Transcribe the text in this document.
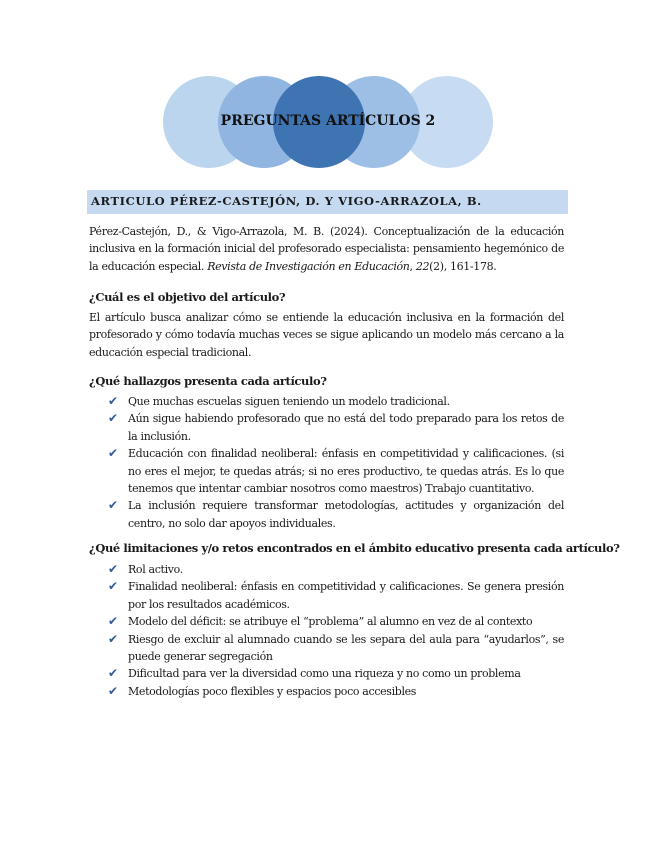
PREGUNTAS ARTÍCULOS 2
ARTICULO PÉREZ-CASTEJÓN, D. Y VIGO-ARRAZOLA, B.
Pérez-Castejón, D., & Vigo-Arrazola, M. B. (2024). Conceptualización de la educación inclusiva en la formación inicial del profesorado especialista: pensamiento hegemónico de la educación especial. Revista de Investigación en Educación, 22(2), 161-178.
¿Cuál es el objetivo del artículo?
El artículo busca analizar cómo se entiende la educación inclusiva en la formación del profesorado y cómo todavía muchas veces se sigue aplicando un modelo más cercano a la educación especial tradicional.
¿Qué hallazgos presenta cada artículo?
✔ Que muchas escuelas siguen teniendo un modelo tradicional.
✔ Aún sigue habiendo profesorado que no está del todo preparado para los retos de la inclusión.
✔ Educación con finalidad neoliberal: énfasis en competitividad y calificaciones. (si no eres el mejor, te quedas atrás; si no eres productivo, te quedas atrás. Es lo que tenemos que intentar cambiar nosotros como maestros) Trabajo cuantitativo.
✔ La inclusión requiere transformar metodologías, actitudes y organización del centro, no solo dar apoyos individuales.
¿Qué limitaciones y/o retos encontrados en el ámbito educativo presenta cada artículo?
✔ Rol activo.
✔ Finalidad neoliberal: énfasis en competitividad y calificaciones. Se genera presión por los resultados académicos.
✔ Modelo del déficit: se atribuye el “problema” al alumno en vez de al contexto
✔ Riesgo de excluir al alumnado cuando se les separa del aula para “ayudarlos”, se puede generar segregación
✔ Dificultad para ver la diversidad como una riqueza y no como un problema
✔ Metodologías poco flexibles y espacios poco accesibles
